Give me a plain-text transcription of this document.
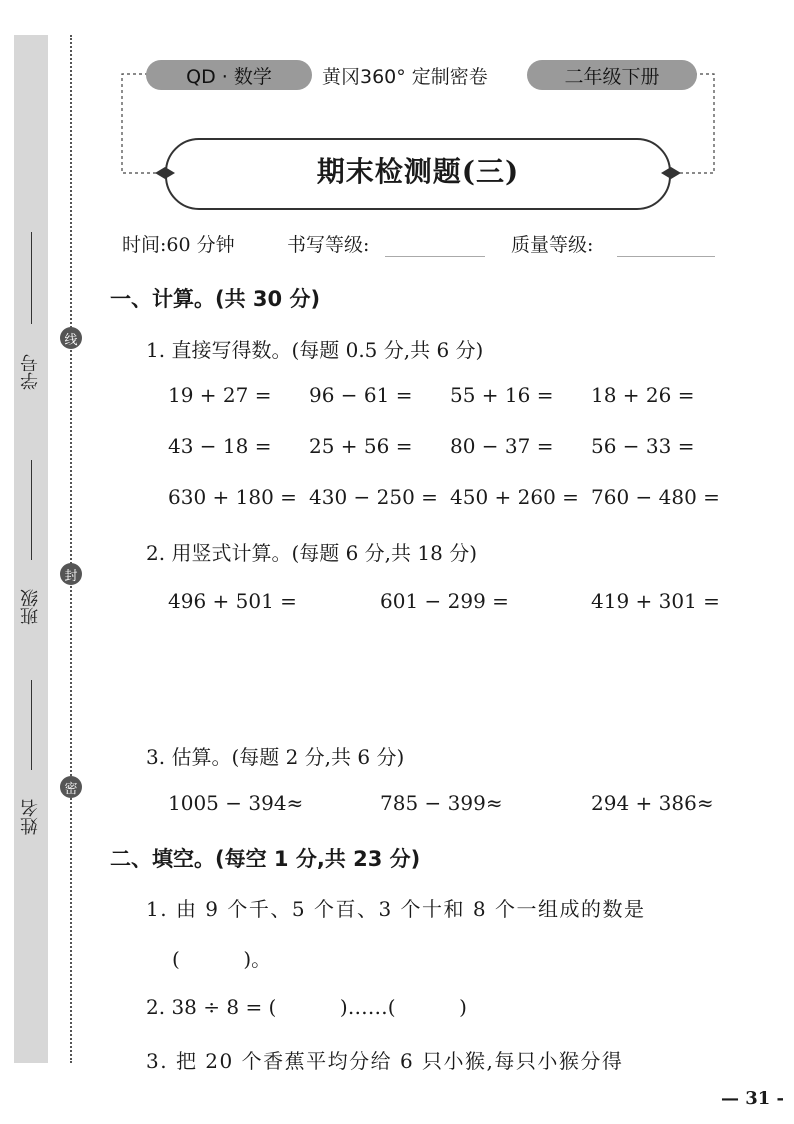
学号
班级
姓名
线
封
密
QD · 数学	黄冈360° 定制密卷	二年级下册
期末检测题(三)
时间:60 分钟	书写等级:	质量等级:
一、计算。(共 30 分)
1. 直接写得数。(每题 0.5 分,共 6 分)
19 + 27 = 96 − 61 = 55 + 16 = 18 + 26 =
43 − 18 = 25 + 56 = 80 − 37 = 56 − 33 =
630 + 180 = 430 − 250 = 450 + 260 = 760 − 480 =
2. 用竖式计算。(每题 6 分,共 18 分)
496 + 501 =	601 − 299 =	419 + 301 =
3. 估算。(每题 2 分,共 6 分)
1005 − 394≈	785 − 399≈	294 + 386≈
二、填空。(每空 1 分,共 23 分)
1. 由 9 个千、5 个百、3 个十和 8 个一组成的数是
(          )。
2. 38 ÷ 8 = (          )……(          )
3. 把 20 个香蕉平均分给 6 只小猴,每只小猴分得
— 31 -
